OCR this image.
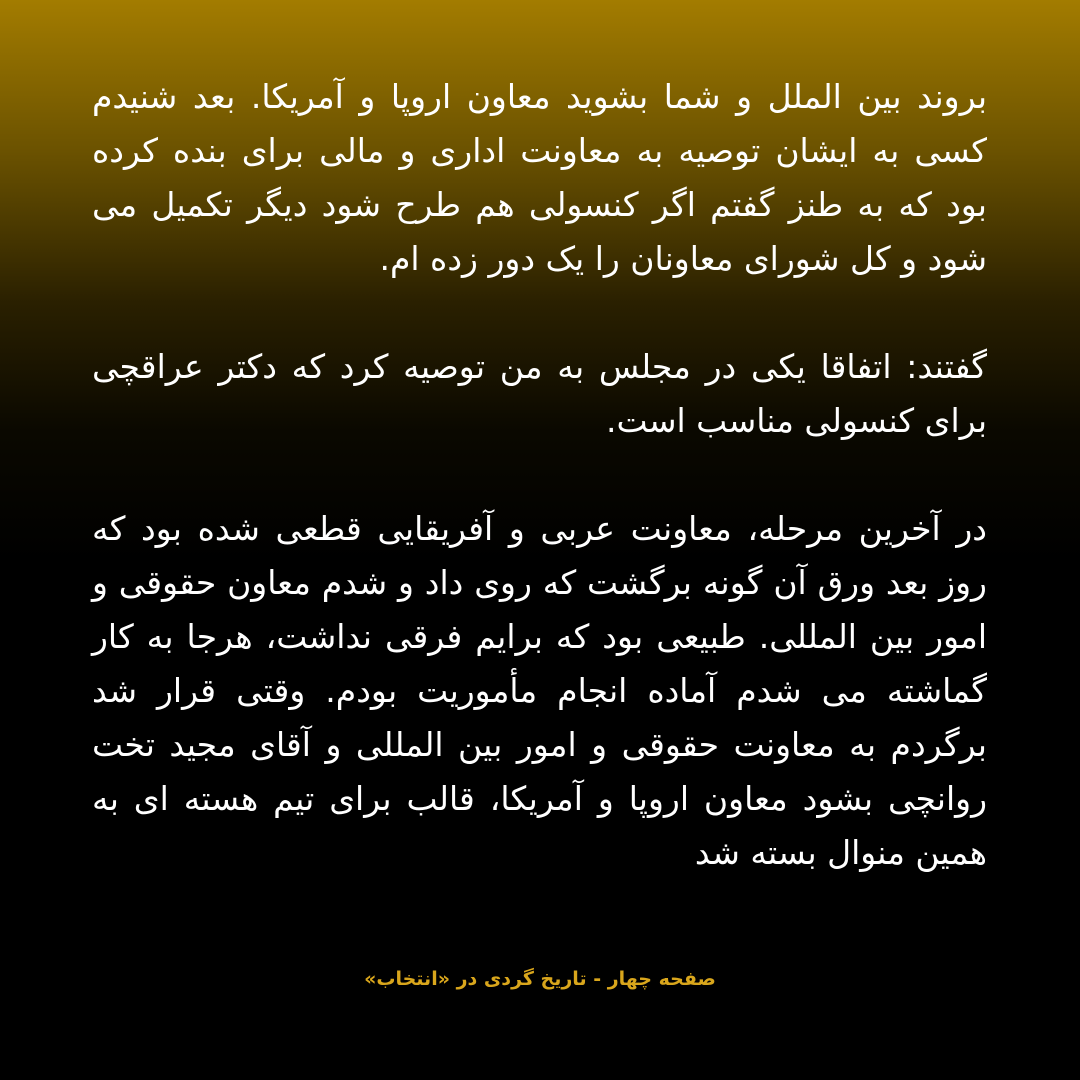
بروند بین الملل و شما بشوید معاون اروپا و آمریکا. بعد شنیدم کسی به ایشان توصیه به معاونت اداری و مالی برای بنده کرده بود که به طنز گفتم اگر کنسولی هم طرح شود دیگر تکمیل می شود و کل شورای معاونان را یک دور زده ام.

گفتند: اتفاقا یکی در مجلس به من توصیه کرد که دکتر عراقچی برای کنسولی مناسب است.

در آخرین مرحله، معاونت عربی و آفریقایی قطعی شده بود که روز بعد ورق آن گونه برگشت که روی داد و شدم معاون حقوقی و امور بین المللی. طبیعی بود که برایم فرقی نداشت، هرجا به کار گماشته می شدم آماده انجام مأموریت بودم. وقتی قرار شد برگردم به معاونت حقوقی و امور بین المللی و آقای مجید تخت روانچی بشود معاون اروپا و آمریکا، قالب برای تیم هسته ای به همین منوال بسته شد

صفحه چهار - تاریخ گردی در «انتخاب»
